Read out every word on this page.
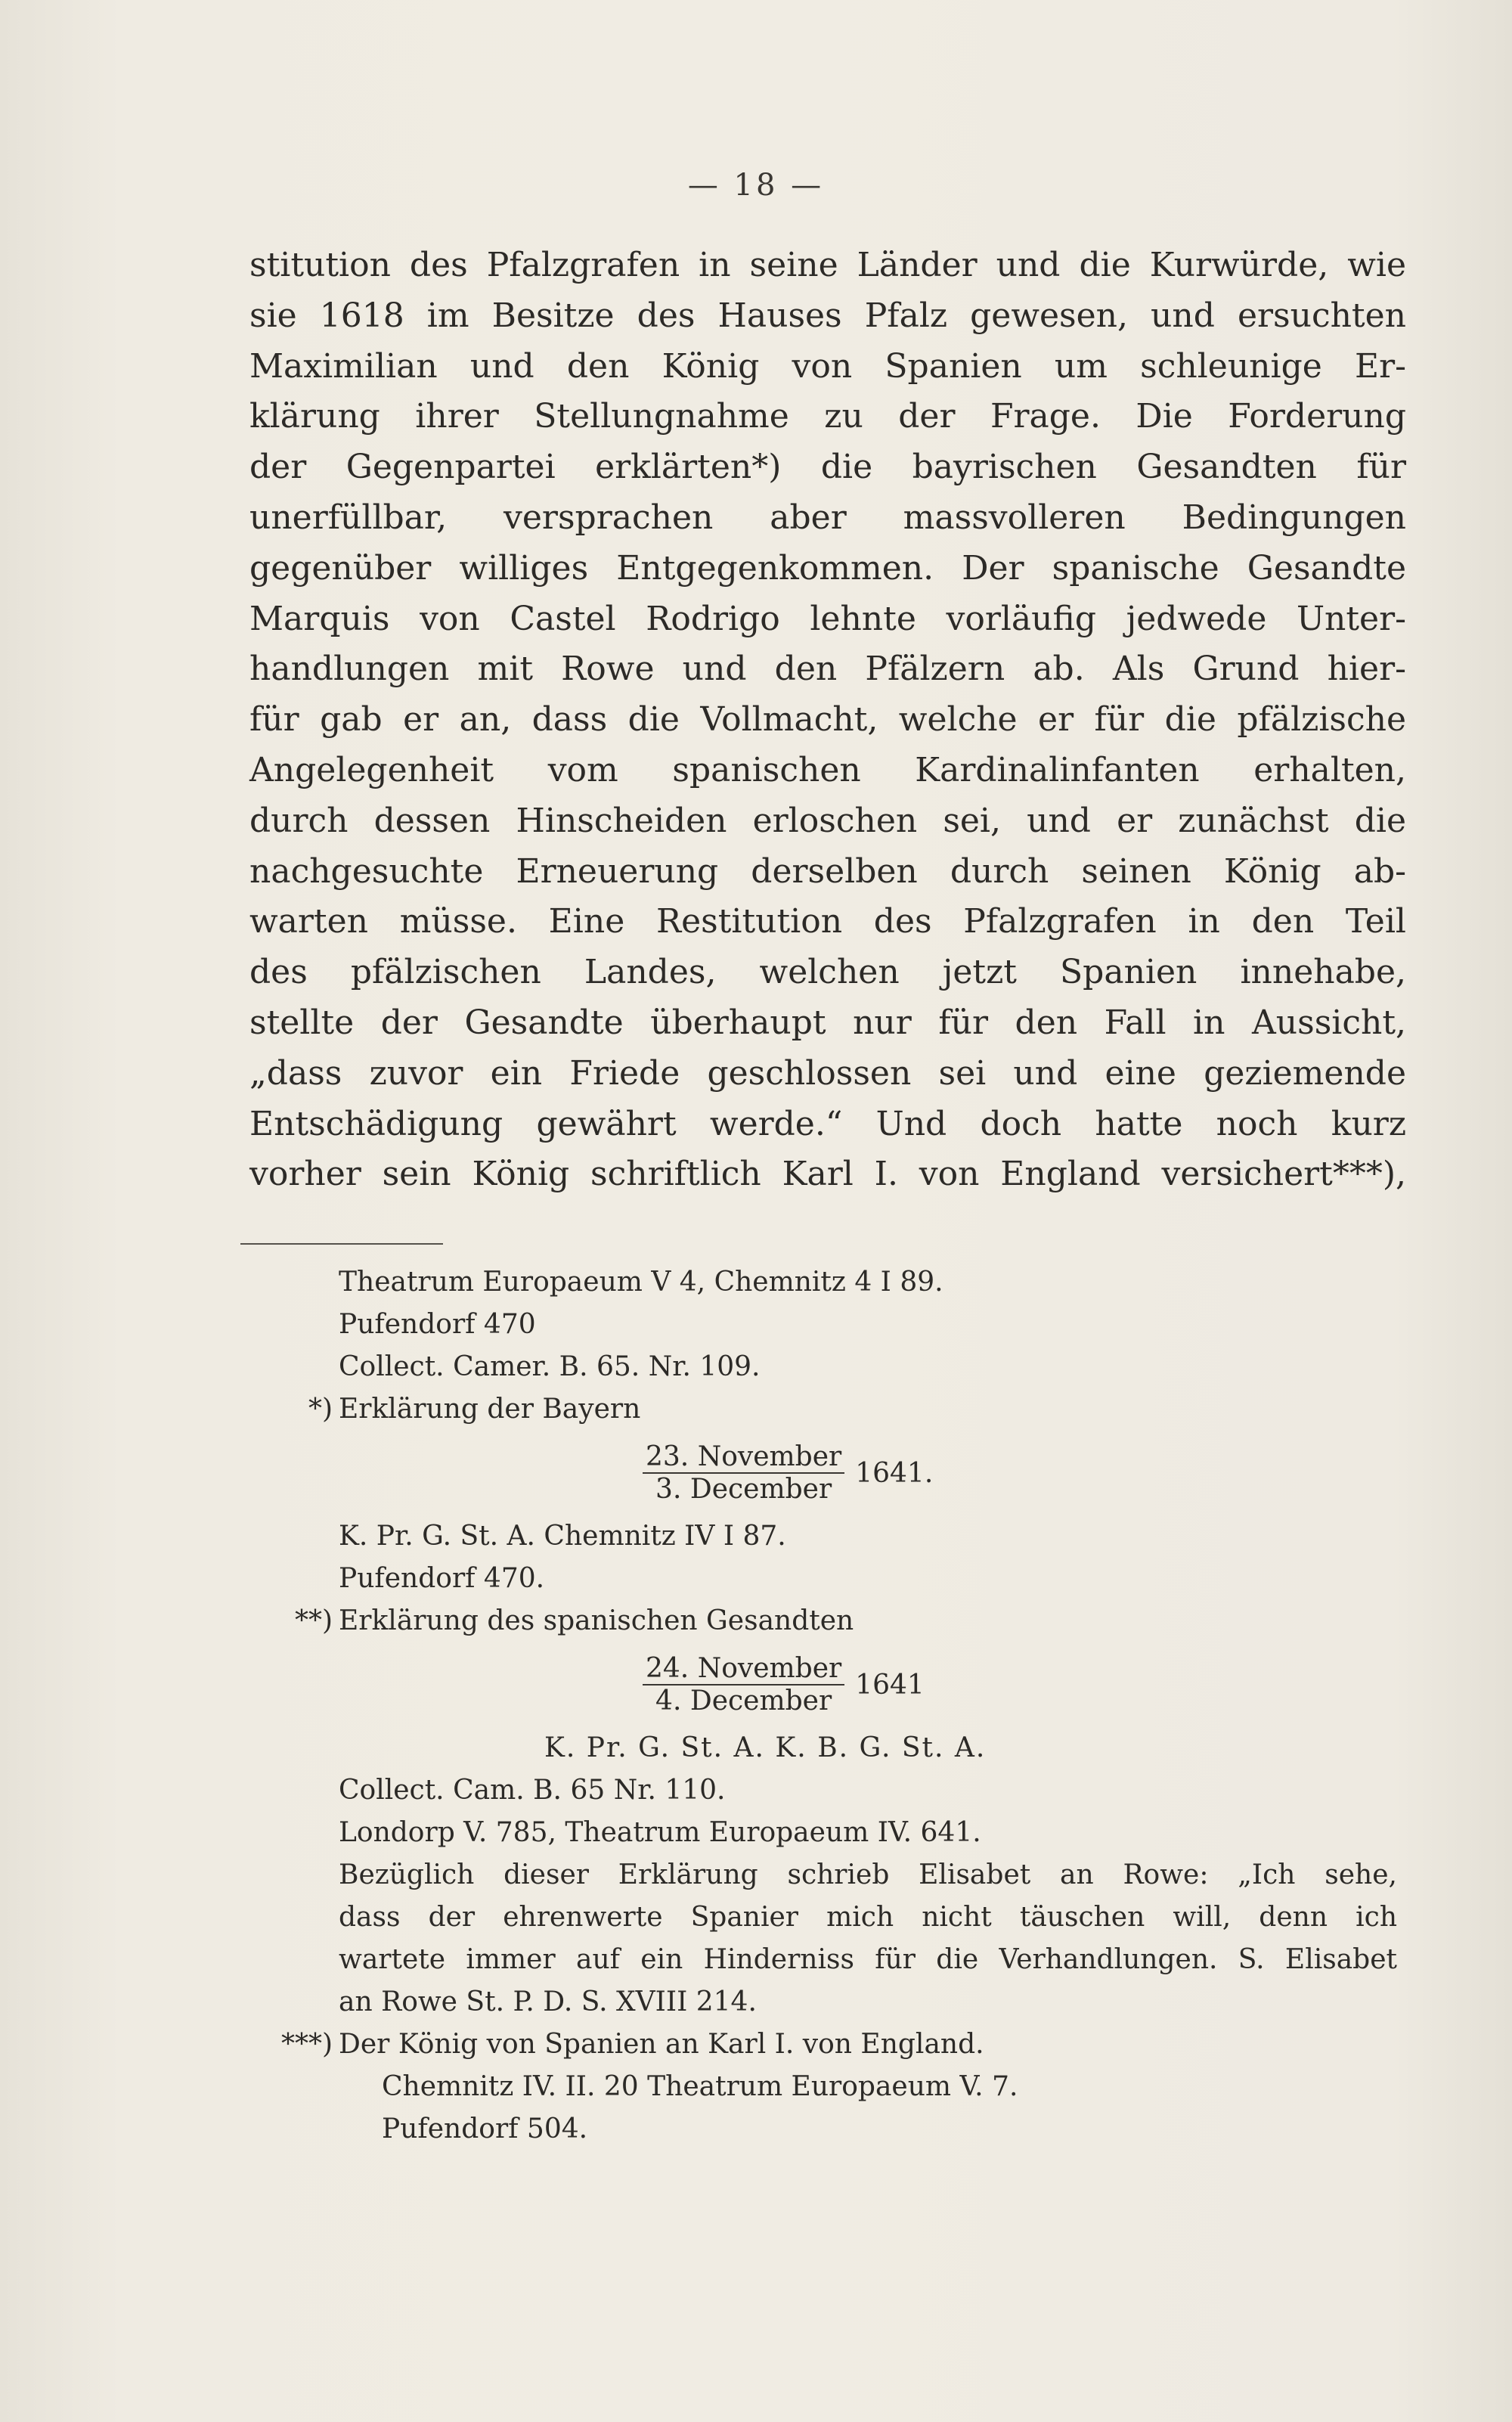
— 18 —
stitution des Pfalzgrafen in seine Länder und die Kurwürde, wie
sie 1618 im Besitze des Hauses Pfalz gewesen, und ersuchten
Maximilian und den König von Spanien um schleunige Er-
klärung ihrer Stellungnahme zu der Frage. Die Forderung
der Gegenpartei erklärten*) die bayrischen Gesandten für
unerfüllbar, versprachen aber massvolleren Bedingungen
gegenüber williges Entgegenkommen. Der spanische Gesandte
Marquis von Castel Rodrigo lehnte vorläufig jedwede Unter-
handlungen mit Rowe und den Pfälzern ab. Als Grund hier-
für gab er an, dass die Vollmacht, welche er für die pfälzische
Angelegenheit vom spanischen Kardinalinfanten erhalten,
durch dessen Hinscheiden erloschen sei, und er zunächst die
nachgesuchte Erneuerung derselben durch seinen König ab-
warten müsse. Eine Restitution des Pfalzgrafen in den Teil
des pfälzischen Landes, welchen jetzt Spanien innehabe,
stellte der Gesandte überhaupt nur für den Fall in Aussicht,
„dass zuvor ein Friede geschlossen sei und eine geziemende
Entschädigung gewährt werde.“ Und doch hatte noch kurz
vorher sein König schriftlich Karl I. von England versichert***),
Theatrum Europaeum V 4, Chemnitz 4 I 89.
Pufendorf 470
Collect. Camer. B. 65. Nr. 109.
*) Erklärung der Bayern
$\frac{\text{23. November}}{\text{3. December}} 1641$.
K. Pr. G. St. A. Chemnitz IV I 87.
Pufendorf 470.
**) Erklärung des spanischen Gesandten
$\frac{\text{24. November}}{\text{4. December}} 1641$
K. Pr. G. St. A. K. B. G. St. A.
Collect. Cam. B. 65 Nr. 110.
Londorp V. 785, Theatrum Europaeum IV. 641.
Bezüglich dieser Erklärung schrieb Elisabet an Rowe: „Ich sehe,
dass der ehrenwerte Spanier mich nicht täuschen will, denn ich
wartete immer auf ein Hinderniss für die Verhandlungen. S. Elisabet
an Rowe St. P. D. S. XVIII 214.
***) Der König von Spanien an Karl I. von England.
Chemnitz IV. II. 20 Theatrum Europaeum V. 7.
Pufendorf 504.
